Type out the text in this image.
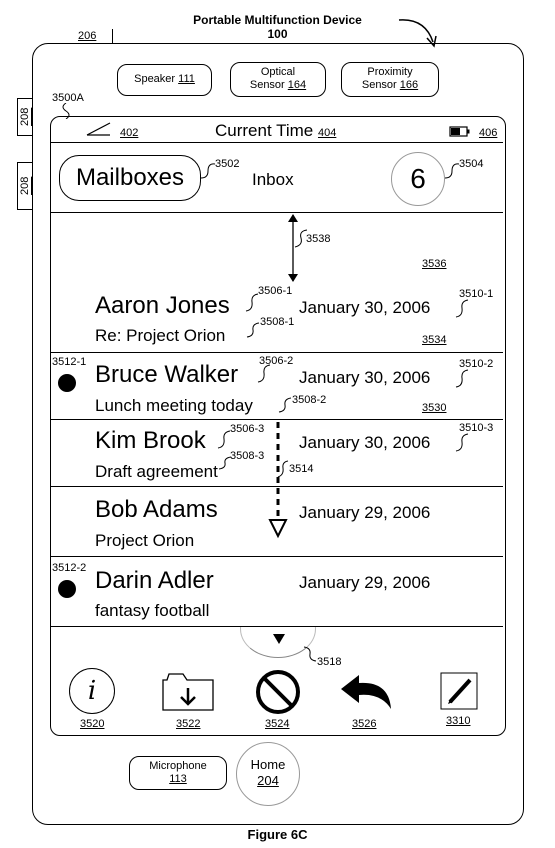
Portable Multifunction Device
100
206
208
208
Speaker 111
Optical
Sensor 164
Proximity
Sensor 166
3500A
402	Current Time 404	406
Mailboxes	3502
Inbox	6	3504
3538
3536
Aaron Jones
3506-1
January 30, 2006
3510-1
Re: Project Orion
3508-1
3534
3512-1 Bruce Walker 3506-2
January 30, 2006
3510-2
Lunch meeting today	3508-2
3530
Kim Brook 3506-3
January 30, 2006
3510-3
Draft agreement
3508-3
3514
Bob Adams	January 29, 2006
Project Orion
3512-2 Darin Adler	January 29, 2006
fantasy football
3518
i
3520	3522	3524	3526	3310
Microphone
113
Home
204
Figure 6C
